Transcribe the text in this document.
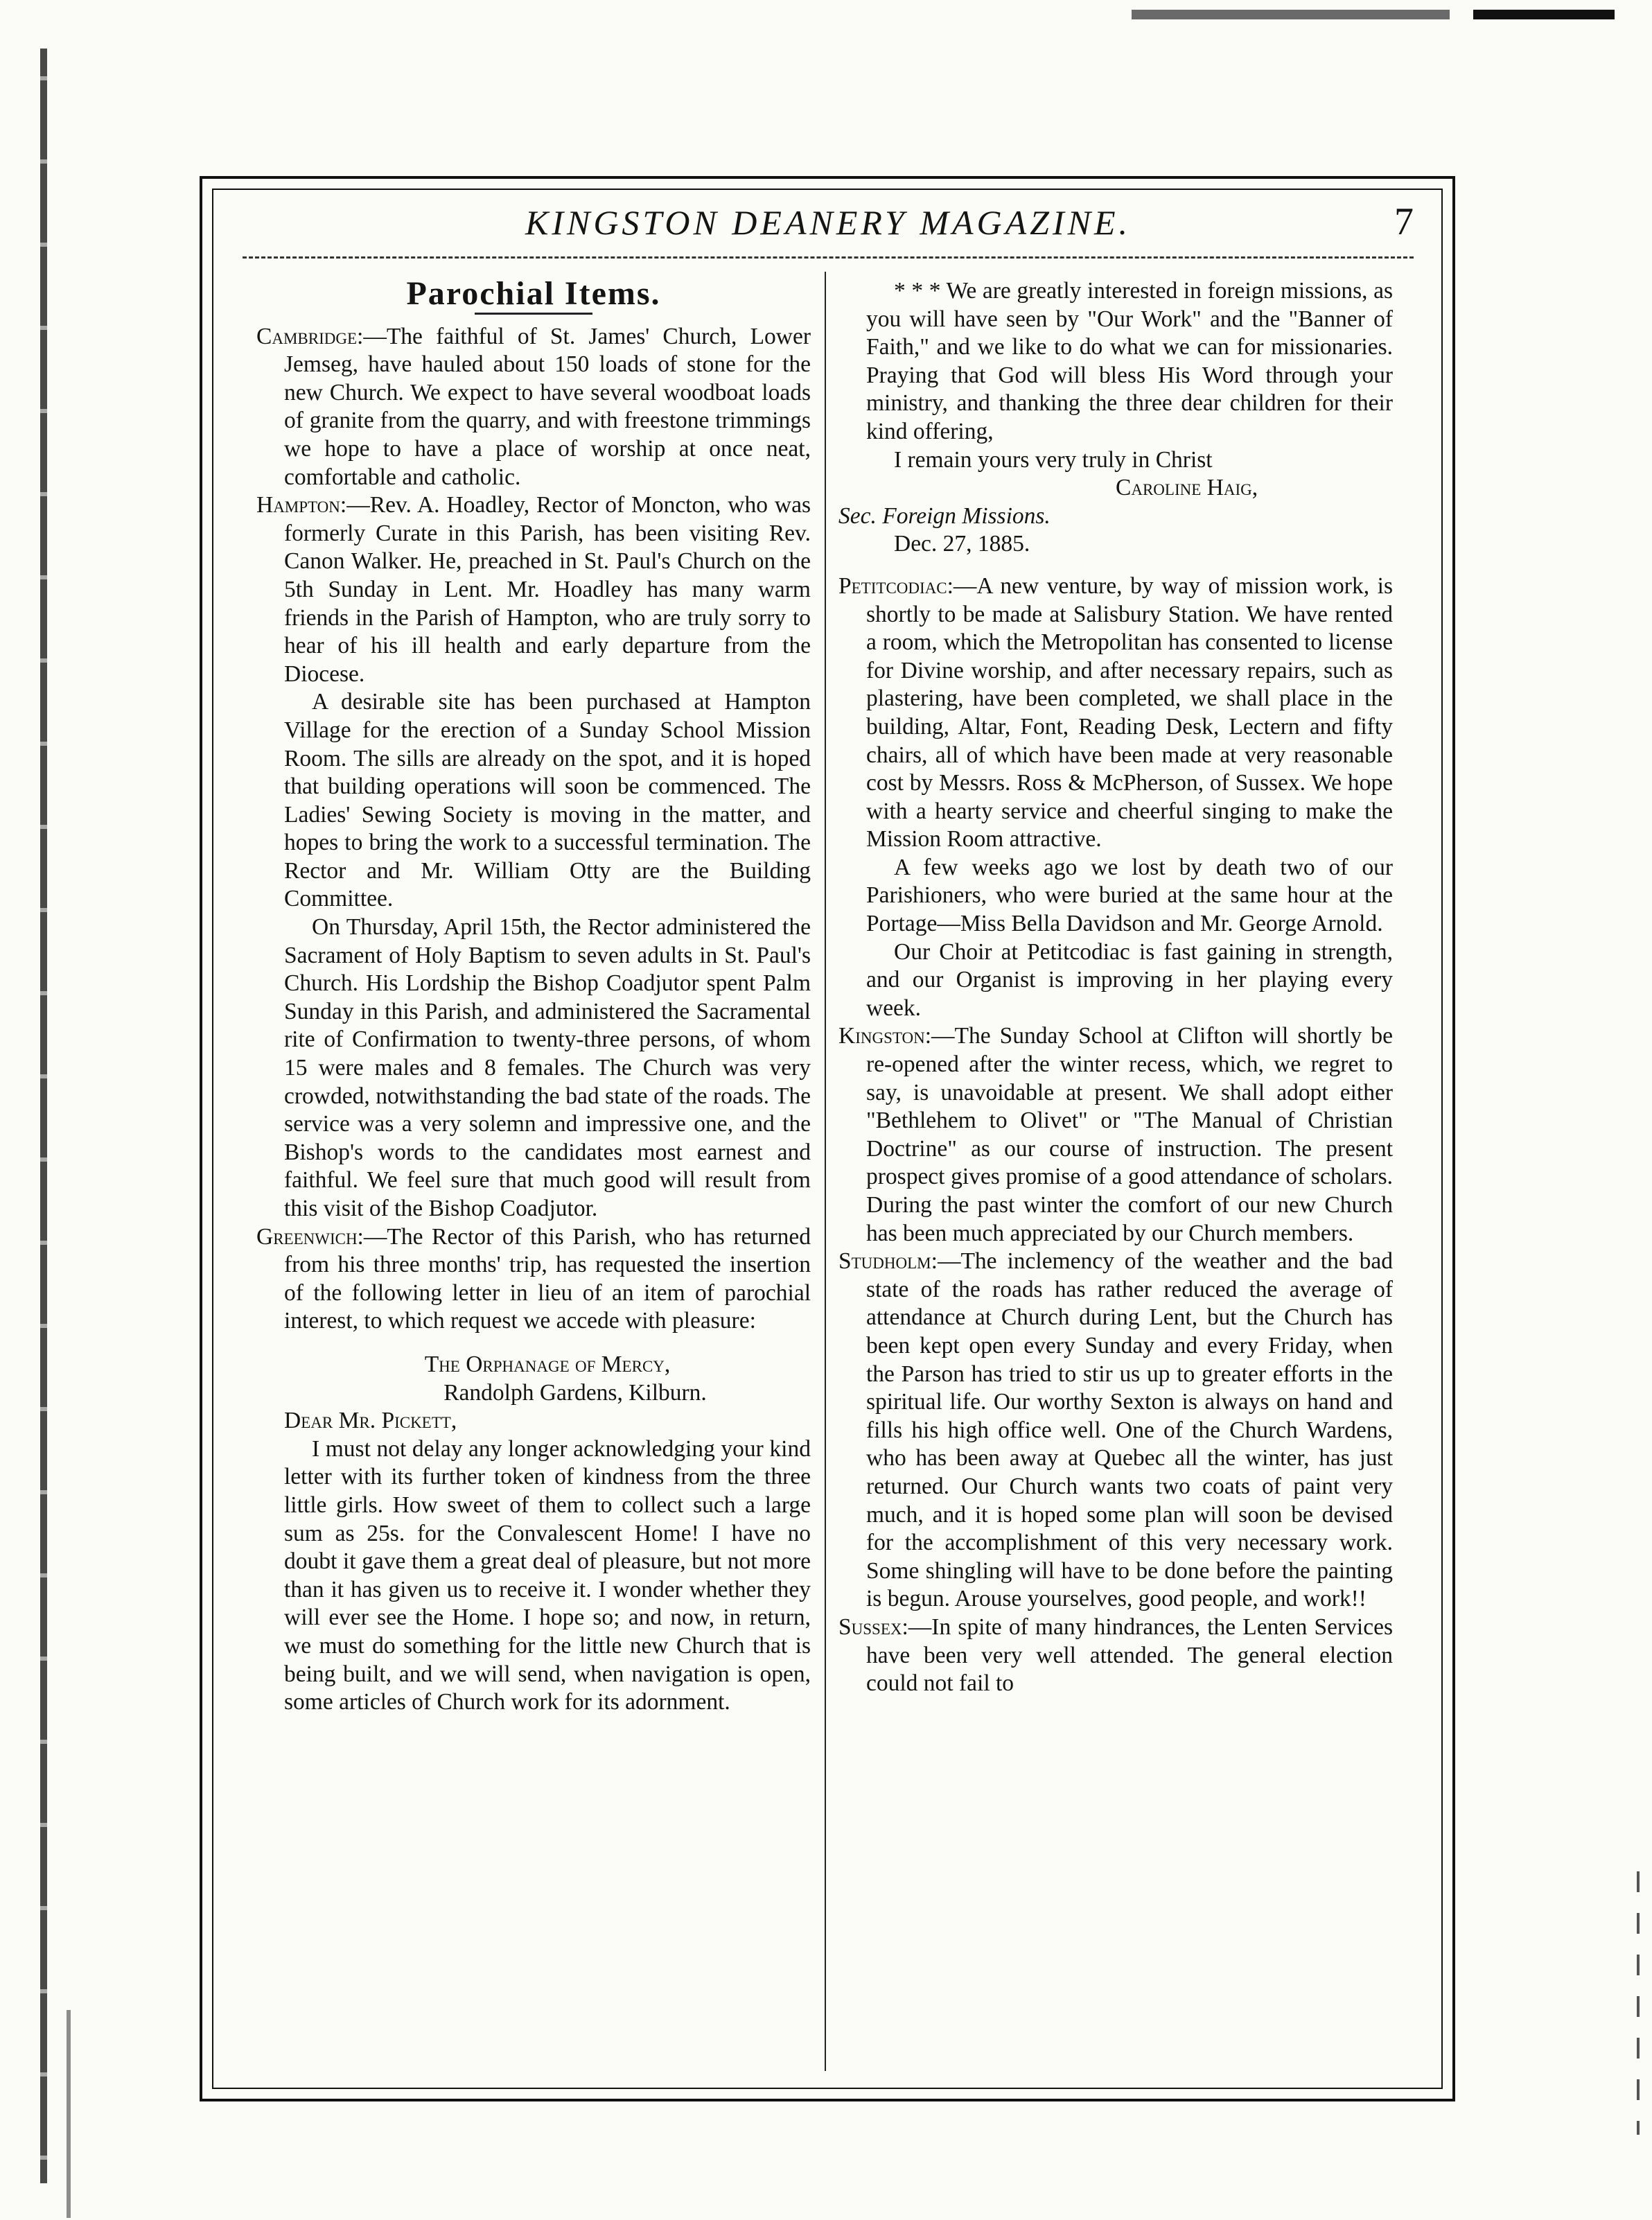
KINGSTON DEANERY MAGAZINE.	7
Parochial Items.

Cambridge:—The faithful of St. James' Church, Lower Jemseg, have hauled about 150 loads of stone for the new Church. We expect to have several woodboat loads of granite from the quarry, and with freestone trimmings we hope to have a place of worship at once neat, comfortable and catholic.

Hampton:—Rev. A. Hoadley, Rector of Moncton, who was formerly Curate in this Parish, has been visiting Rev. Canon Walker. He, preached in St. Paul's Church on the 5th Sunday in Lent. Mr. Hoadley has many warm friends in the Parish of Hampton, who are truly sorry to hear of his ill health and early departure from the Diocese.

A desirable site has been purchased at Hampton Village for the erection of a Sunday School Mission Room. The sills are already on the spot, and it is hoped that building operations will soon be commenced. The Ladies' Sewing Society is moving in the matter, and hopes to bring the work to a successful termination. The Rector and Mr. William Otty are the Building Committee.

On Thursday, April 15th, the Rector administered the Sacrament of Holy Baptism to seven adults in St. Paul's Church. His Lordship the Bishop Coadjutor spent Palm Sunday in this Parish, and administered the Sacramental rite of Confirmation to twenty-three persons, of whom 15 were males and 8 females. The Church was very crowded, notwithstanding the bad state of the roads. The service was a very solemn and impressive one, and the Bishop's words to the candidates most earnest and faithful. We feel sure that much good will result from this visit of the Bishop Coadjutor.

Greenwich:—The Rector of this Parish, who has returned from his three months' trip, has requested the insertion of the following letter in lieu of an item of parochial interest, to which request we accede with pleasure:

The Orphanage of Mercy,

Randolph Gardens, Kilburn.

Dear Mr. Pickett,

I must not delay any longer acknowledging your kind letter with its further token of kindness from the three little girls. How sweet of them to collect such a large sum as 25s. for the Convalescent Home! I have no doubt it gave them a great deal of pleasure, but not more than it has given us to receive it. I wonder whether they will ever see the Home. I hope so; and now, in return, we must do something for the little new Church that is being built, and we will send, when navigation is open, some articles of Church work for its adornment.

* * * We are greatly interested in foreign missions, as you will have seen by "Our Work" and the "Banner of Faith," and we like to do what we can for missionaries. Praying that God will bless His Word through your ministry, and thanking the three dear children for their kind offering,

I remain yours very truly in Christ

Caroline Haig,

Sec. Foreign Missions.

Dec. 27, 1885.

Petitcodiac:—A new venture, by way of mission work, is shortly to be made at Salisbury Station. We have rented a room, which the Metropolitan has consented to license for Divine worship, and after necessary repairs, such as plastering, have been completed, we shall place in the building, Altar, Font, Reading Desk, Lectern and fifty chairs, all of which have been made at very reasonable cost by Messrs. Ross & McPherson, of Sussex. We hope with a hearty service and cheerful singing to make the Mission Room attractive.

A few weeks ago we lost by death two of our Parishioners, who were buried at the same hour at the Portage—Miss Bella Davidson and Mr. George Arnold.

Our Choir at Petitcodiac is fast gaining in strength, and our Organist is improving in her playing every week.

Kingston:—The Sunday School at Clifton will shortly be re-opened after the winter recess, which, we regret to say, is unavoidable at present. We shall adopt either "Bethlehem to Olivet" or "The Manual of Christian Doctrine" as our course of instruction. The present prospect gives promise of a good attendance of scholars. During the past winter the comfort of our new Church has been much appreciated by our Church members.

Studholm:—The inclemency of the weather and the bad state of the roads has rather reduced the average of attendance at Church during Lent, but the Church has been kept open every Sunday and every Friday, when the Parson has tried to stir us up to greater efforts in the spiritual life. Our worthy Sexton is always on hand and fills his high office well. One of the Church Wardens, who has been away at Quebec all the winter, has just returned. Our Church wants two coats of paint very much, and it is hoped some plan will soon be devised for the accomplishment of this very necessary work. Some shingling will have to be done before the painting is begun. Arouse yourselves, good people, and work!!

Sussex:—In spite of many hindrances, the Lenten Services have been very well attended. The general election could not fail to
